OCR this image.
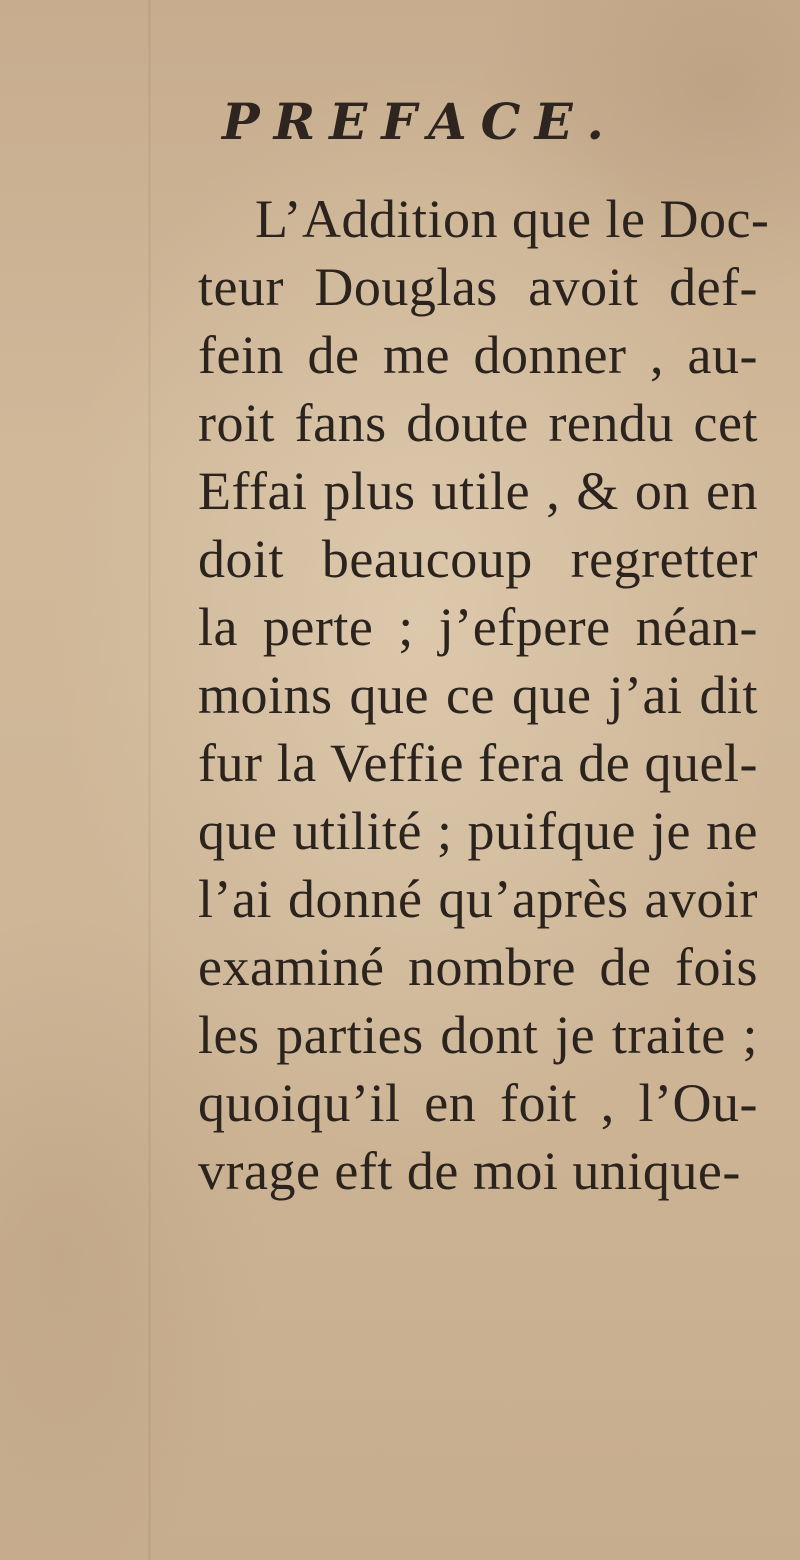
PREFACE.
L’Addition que le Doc-
teur Douglas avoit def-
fein de me donner , au-
roit fans doute rendu cet
Effai plus utile , & on en
doit beaucoup regretter
la perte ; j’efpere néan-
moins que ce que j’ai dit
fur la Veffie fera de quel-
que utilité ; puifque je ne
l’ai donné qu’après avoir
examiné nombre de fois
les parties dont je traite ;
quoiqu’il en foit , l’Ou-
vrage eft de moi unique-
